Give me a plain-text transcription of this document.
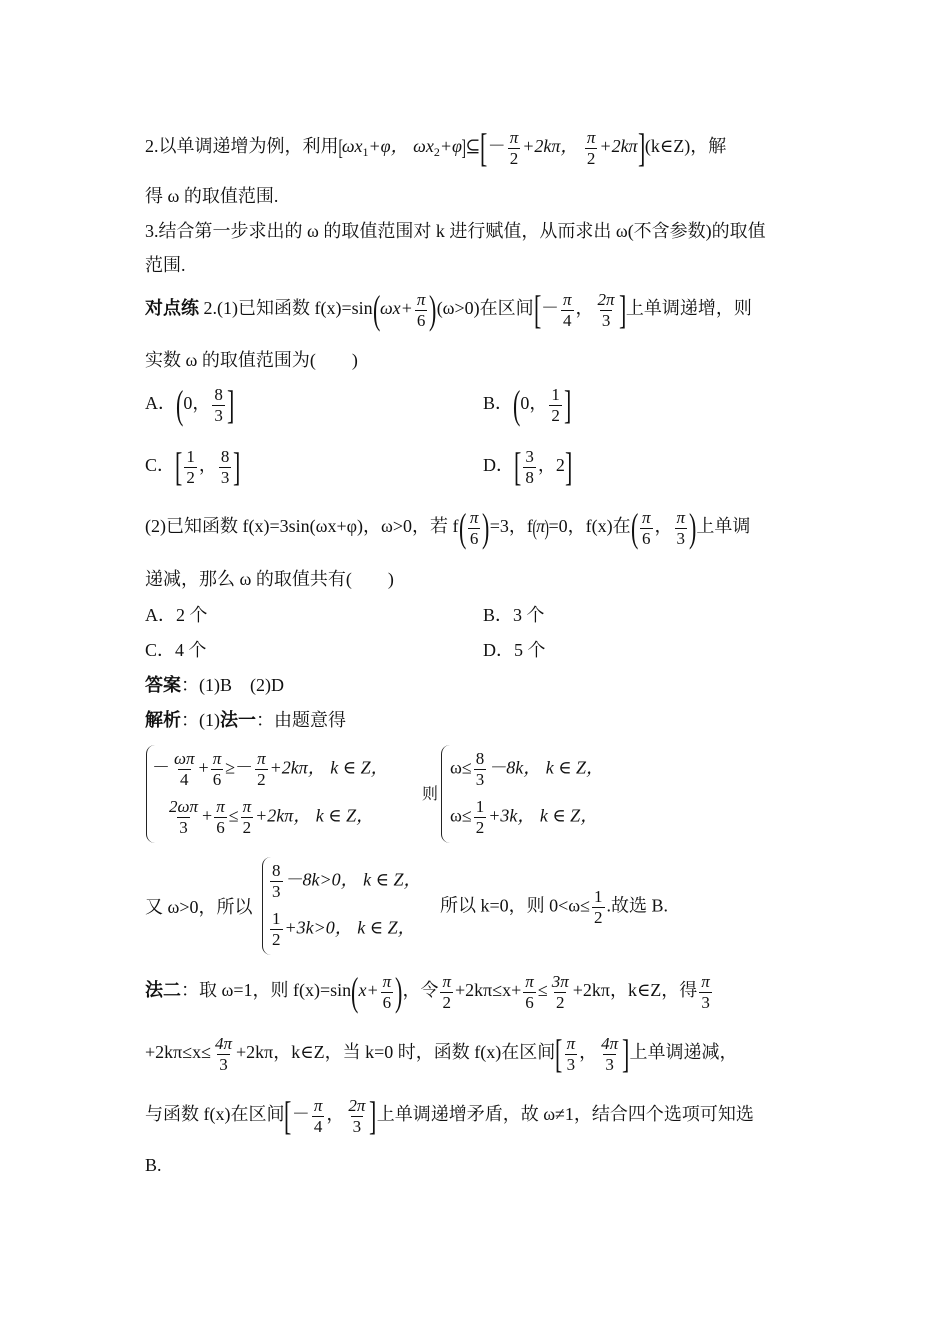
2.以单调递增为例，利用[$\omega x_1+\varphi$， $\omega x_2+\varphi]⊆[- \frac{\pi}{2} +2k\pi$， $\frac{\pi}{2}$ +2kπ](k∈Z)，解
得 ω 的取值范围.
3.结合第一步求出的 ω 的取值范围对 k 进行赋值，从而求出 ω(不含参数)的取值
范围.
对点练 2.(1)已知函数 $f(x)=\sin(\omega x+ \frac{\pi}{6} )(\omega>0)$在区间[－ $\frac{\pi}{4}$ ， $\frac{2\pi}{3}$ ]上单调递增，则
实数 ω 的取值范围为(　　)
A．(0， $\frac{8}{3}$ ]	B．(0， $\frac{1}{2}$ ]
C．[ $\frac{1}{2}$ ， $\frac{8}{3}$ ]	D．[ $\frac{3}{8}$ ，2]
(2)已知函数 f(x)=3sin(ωx+φ)，ω>0，若 $f( \frac{\pi}{6} )=3$，f(π)=0，f(x)在( $\frac{\pi}{6}$ ， $\frac{\pi}{3}$ )上单调
递减，那么 ω 的取值共有(　　)
A．2 个	B．3 个
C．4 个	D．5 个
答案：(1)B　(2)D
解析：(1)法一：由题意得
－ $\frac{\omega\pi}{4} + \frac{\pi}{6} \ge- \frac{\pi}{2} +2k\pi$， k ∈ Z，
$\frac{2\omega\pi}{3} + \frac{\pi}{6} \le \frac{\pi}{2} +2k\pi$， k ∈ Z，
则
$\omega\le \frac{8}{3} -8k$， k ∈ Z，
$\omega\le \frac{1}{2} +3k$， k ∈ Z，
又 ω>0，所以
$\frac{8}{3} -8k>0$， k ∈ Z，
$\frac{1}{2} +3k>0$， k ∈ Z，
所以 k=0，则 $0<\omega\le \frac{1}{2}$ .故选 B.
法二：取 ω=1，则 $f(x)=\sin(x+ \frac{\pi}{6}$ )，令 $\frac{\pi}{2} +2k\pi\le x+ \frac{\pi}{6} \le \frac{3\pi}{2} +2k\pi$，k∈Z，得 $\frac{\pi}{3}$
$+2k\pi\le x\le \frac{4\pi}{3} +2k\pi$，k∈Z，当 k=0 时，函数 f(x)在区间[ $\frac{\pi}{3}$ ， $\frac{4\pi}{3}$ ]上单调递减，
与函数 f(x)在区间[－ $\frac{\pi}{4}$ ， $\frac{2\pi}{3}$ ]上单调递增矛盾，故 ω≠1，结合四个选项可知选
B.
